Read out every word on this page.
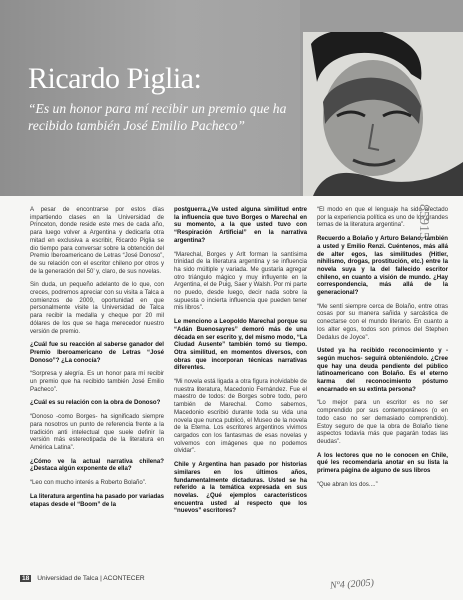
Ricardo Piglia:
“Es un honor para mí recibir un premio que ha recibido también José Emilio Pacheco”

A pesar de encontrarse por estos días impartiendo clases en la Universidad de Princeton, donde reside este mes de cada año, para luego volver a Argentina y dedicarla otra mitad en exclusiva a escribir, Ricardo Piglia se dio tiempo para conversar sobre la obtención del Premio Iberoamericano de Letras “José Donoso”, de su relación con el escritor chileno por otros y de la generación del 50’ y, claro, de sus novelas.

Sin duda, un pequeño adelanto de lo que, con creces, podremos apreciar con su visita a Talca a comienzos de 2009, oportunidad en que personalmente visite la Universidad de Talca para recibir la medalla y cheque por 20 mil dólares de los que se haga merecedor nuestro versión de premio.

¿Cuál fue su reacción al saberse ganador del Premio Iberoamericano de Letras “José Donoso”? ¿La conocía?

“Sorpresa y alegría. Es un honor para mí recibir un premio que ha recibido también José Emilio Pacheco”.

¿Cuál es su relación con la obra de Donoso?

“Donoso -como Borges- ha significado siempre para nosotros un punto de referencia frente a la tradición anti intelectual que suele definir la versión más estereotipada de la literatura en América Latina”.

¿Cómo ve la actual narrativa chilena? ¿Destaca algún exponente de ella?

“Leo con mucho interés a Roberto Bolaño”.

La literatura argentina ha pasado por variadas etapas desde el “Boom” de la

postguerra.¿Ve usted alguna similitud entre la influencia que tuvo Borges o Marechal en su momento, a la que usted tuvo con “Respiración Artificial” en la narrativa argentina?

“Marechal, Borges y Arlt forman la santísima trinidad de la literatura argentina y se influencia ha sido múltiple y variada. Me gustaría agregar otro triángulo mágico y muy influyente en la Argentina, el de Puig, Saer y Walsh. Por mi parte no puedo, desde luego, decir nada sobre la supuesta o incierta influencia que pueden tener mis libros”.

Le menciono a Leopoldo Marechal porque su “Adán Buenosayres” demoró más de una década en ser escrito y, del mismo modo, “La Ciudad Ausente” también tomó su tiempo. Otra similitud, en momentos diversos, con obras que incorporan técnicas narrativas diferentes.

“Mi novela está ligada a otra figura inolvidable de nuestra literatura, Macedonio Fernández. Fue el maestro de todos: de Borges sobre todo, pero también de Marechal. Como sabemos, Macedonio escribió durante toda su vida una novela que nunca publicó, el Museo de la novela de la Eterna. Los escritores argentinos vivimos cargados con los fantasmas de esas novelas y volvemos con imágenes que no podemos olvidar”.

Chile y Argentina han pasado por historias similares en los últimos años, fundamentalmente dictaduras. Usted se ha referido a la temática expresada en sus novelas. ¿Qué ejemplos característicos encuentra usted al respecto que los “nuevos” escritores?

“El modo en que el lenguaje ha sido afectado por la experiencia política es uno de los grandes temas de la literatura argentina”.

Recuerdo a Bolaño y Arturo Belano, también a usted y Emilio Renzi. Cuéntenos, más allá de alter egos, las similitudes (Hitler, nihilismo, drogas, prostitución, etc.) entre la novela suya y la del fallecido escritor chileno, en cuanto a visión de mundo. ¿Hay correspondencia, más allá de la generacional?

“Me sentí siempre cerca de Bolaño, entre otras cosas por su manera sañida y sarcástica de conectarse con el mundo literario. En cuanto a los alter egos, todos son primos del Stephen Dedalus de Joyce”.

Usted ya ha recibido reconocimiento y -según muchos- seguirá obteniéndolo. ¿Cree que hay una deuda pendiente del público latinoamericano con Bolaño. Es el eterno karma del reconocimiento póstumo encarnado en su extinta persona?

“Lo mejor para un escritor es no ser comprendido por sus contemporáneos (o en todo caso no ser demasiado comprendido). Estoy seguro de que la obra de Bolaño tiene aspectos todavía más que pagarán todas las deudas”.

A los lectores que no le conocen en Chile, qué les recomendaría anotar en su lista la primera página de alguno de sus libros

“Que abran los dos....”

85915
Nº4 (2005)
18 Universidad de Talca | ACONTECER
